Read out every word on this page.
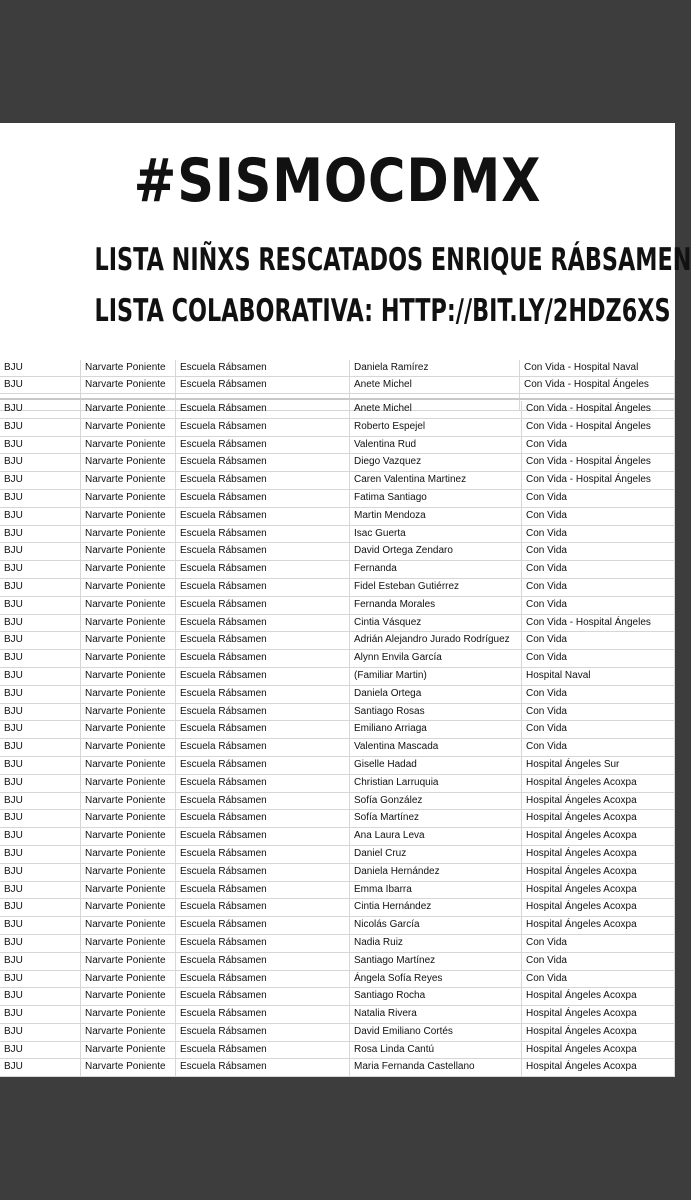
#SISMOCDMX
LISTA NIÑXS RESCATADOS ENRIQUE RÁBSAMEN
LISTA COLABORATIVA: HTTP://BIT.LY/2HDZ6XS
BJU	Narvarte Poniente	Escuela Rábsamen	Daniela Ramírez	Con Vida - Hospital Naval
BJU	Narvarte Poniente	Escuela Rábsamen	Anete Michel	Con Vida - Hospital Ángeles
BJU	Narvarte Poniente	Escuela Rábsamen	Anete Michel	Con Vida - Hospital Ángeles
BJU	Narvarte Poniente	Escuela Rábsamen	Roberto Espejel	Con Vida - Hospital Ángeles
BJU	Narvarte Poniente	Escuela Rábsamen	Valentina Rud	Con Vida
BJU	Narvarte Poniente	Escuela Rábsamen	Diego Vazquez	Con Vida - Hospital Ángeles
BJU	Narvarte Poniente	Escuela Rábsamen	Caren Valentina Martinez	Con Vida - Hospital Ángeles
BJU	Narvarte Poniente	Escuela Rábsamen	Fatima Santiago	Con Vida
BJU	Narvarte Poniente	Escuela Rábsamen	Martin Mendoza	Con Vida
BJU	Narvarte Poniente	Escuela Rábsamen	Isac Guerta	Con Vida
BJU	Narvarte Poniente	Escuela Rábsamen	David Ortega Zendaro	Con Vida
BJU	Narvarte Poniente	Escuela Rábsamen	Fernanda	Con Vida
BJU	Narvarte Poniente	Escuela Rábsamen	Fidel Esteban Gutiérrez	Con Vida
BJU	Narvarte Poniente	Escuela Rábsamen	Fernanda Morales	Con Vida
BJU	Narvarte Poniente	Escuela Rábsamen	Cintia Vásquez	Con Vida - Hospital Ángeles
BJU	Narvarte Poniente	Escuela Rábsamen	Adrián Alejandro Jurado Rodríguez	Con Vida
BJU	Narvarte Poniente	Escuela Rábsamen	Alynn Envila García	Con Vida
BJU	Narvarte Poniente	Escuela Rábsamen	(Familiar Martin)	Hospital Naval
BJU	Narvarte Poniente	Escuela Rábsamen	Daniela Ortega	Con Vida
BJU	Narvarte Poniente	Escuela Rábsamen	Santiago Rosas	Con Vida
BJU	Narvarte Poniente	Escuela Rábsamen	Emiliano Arriaga	Con Vida
BJU	Narvarte Poniente	Escuela Rábsamen	Valentina Mascada	Con Vida
BJU	Narvarte Poniente	Escuela Rábsamen	Giselle Hadad	Hospital Ángeles Sur
BJU	Narvarte Poniente	Escuela Rábsamen	Christian Larruquia	Hospital Ángeles Acoxpa
BJU	Narvarte Poniente	Escuela Rábsamen	Sofía González	Hospital Ángeles Acoxpa
BJU	Narvarte Poniente	Escuela Rábsamen	Sofía Martínez	Hospital Ángeles Acoxpa
BJU	Narvarte Poniente	Escuela Rábsamen	Ana Laura Leva	Hospital Ángeles Acoxpa
BJU	Narvarte Poniente	Escuela Rábsamen	Daniel Cruz	Hospital Ángeles Acoxpa
BJU	Narvarte Poniente	Escuela Rábsamen	Daniela Hernández	Hospital Ángeles Acoxpa
BJU	Narvarte Poniente	Escuela Rábsamen	Emma Ibarra	Hospital Ángeles Acoxpa
BJU	Narvarte Poniente	Escuela Rábsamen	Cintia Hernández	Hospital Ángeles Acoxpa
BJU	Narvarte Poniente	Escuela Rábsamen	Nicolás García	Hospital Ángeles Acoxpa
BJU	Narvarte Poniente	Escuela Rábsamen	Nadia Ruiz	Con Vida
BJU	Narvarte Poniente	Escuela Rábsamen	Santiago Martínez	Con Vida
BJU	Narvarte Poniente	Escuela Rábsamen	Ángela Sofía Reyes	Con Vida
BJU	Narvarte Poniente	Escuela Rábsamen	Santiago Rocha	Hospital Ángeles Acoxpa
BJU	Narvarte Poniente	Escuela Rábsamen	Natalia Rivera	Hospital Ángeles Acoxpa
BJU	Narvarte Poniente	Escuela Rábsamen	David Emiliano Cortés	Hospital Ángeles Acoxpa
BJU	Narvarte Poniente	Escuela Rábsamen	Rosa Linda Cantú	Hospital Ángeles Acoxpa
BJU	Narvarte Poniente	Escuela Rábsamen	Maria Fernanda Castellano	Hospital Ángeles Acoxpa
